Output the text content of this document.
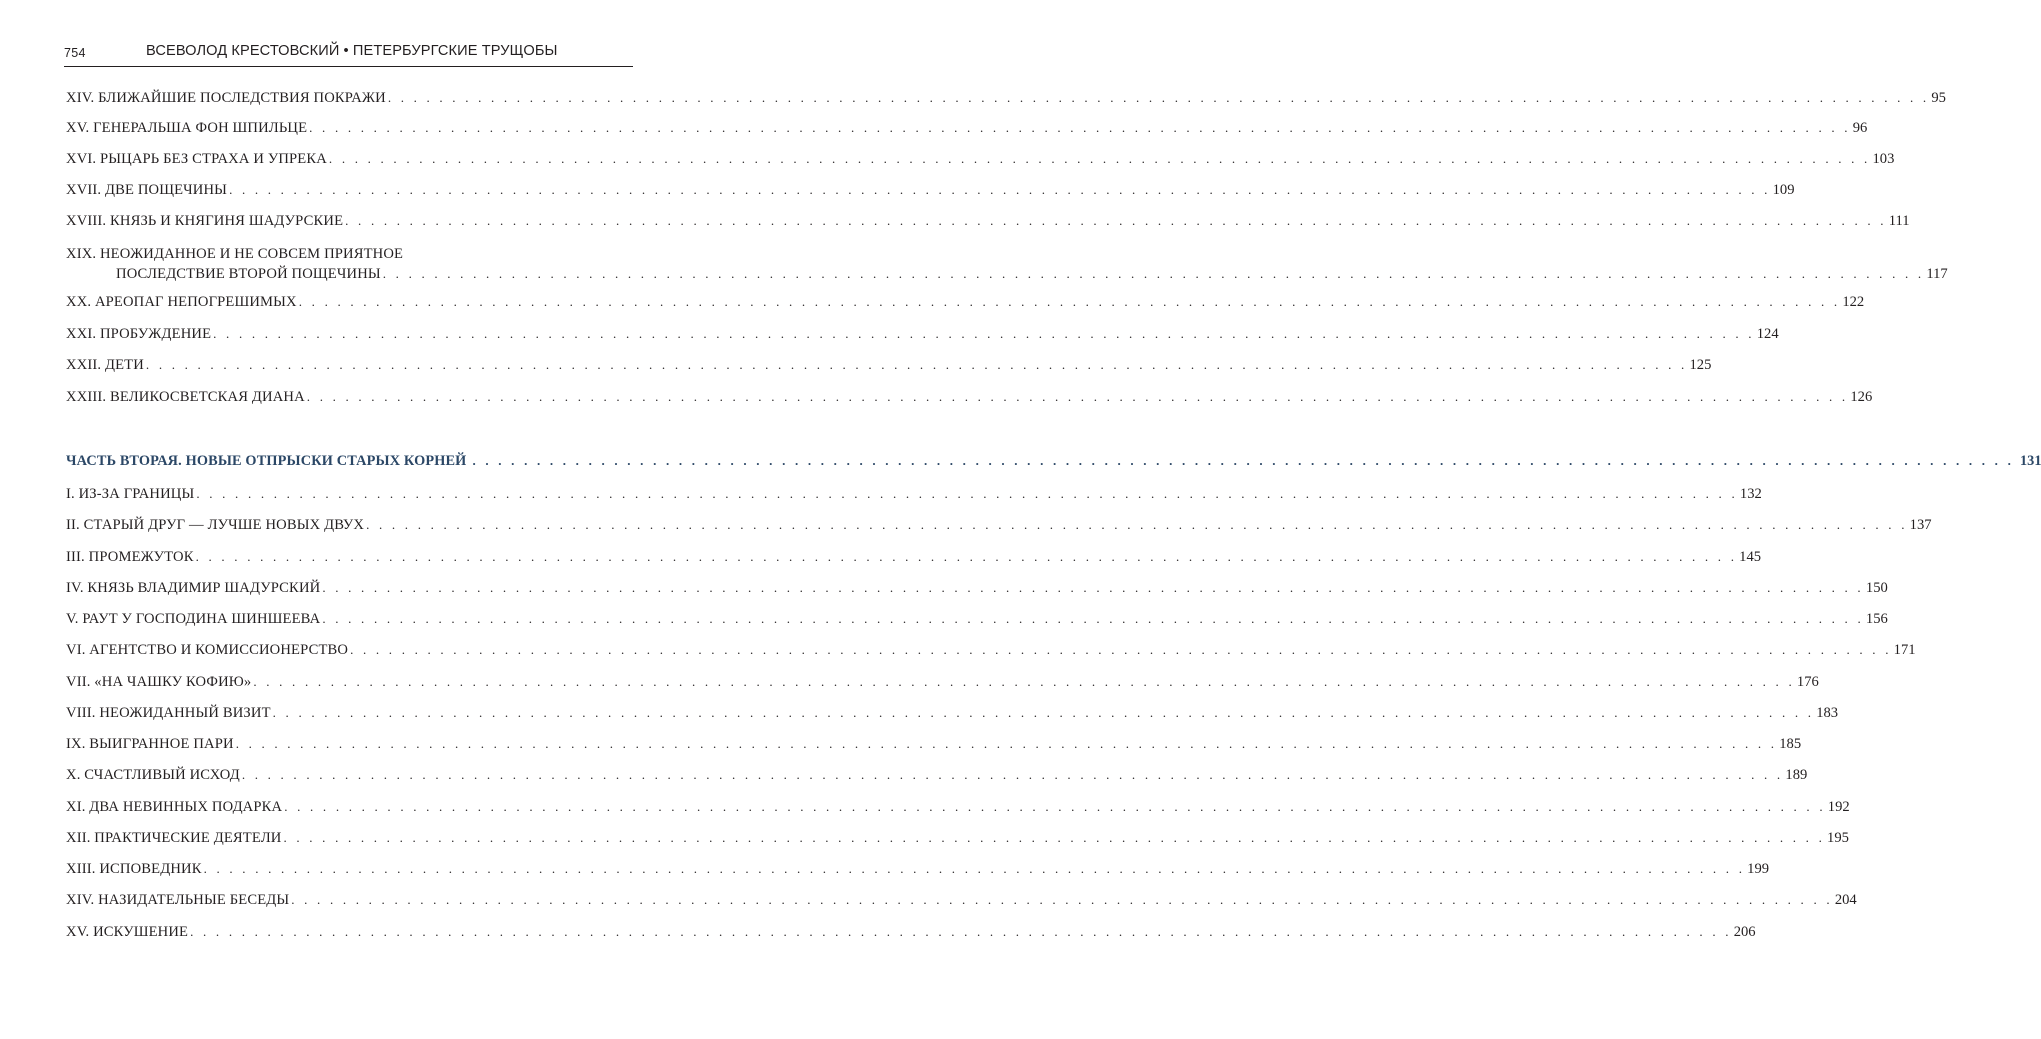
754	ВСЕВОЛОД КРЕСТОВСКИЙ • ПЕТЕРБУРГСКИЕ ТРУЩОБЫ
XIV. БЛИЖАЙШИЕ ПОСЛЕДСТВИЯ ПОКРАЖИ . . . . . . . . . . . . . . . . . . . . . . . . . . . . . . . . . . . . . . . . . . . . . . . . . . . . . . . . . . . . . . . . . . . . . . . . . . . . . . . . . . . . . . . . . . . . . . . . . . . . . . . . . . . . . . . . . . . . . . . . 95
XV. ГЕНЕРАЛЬША ФОН ШПИЛЬЦЕ . . . . . . . . . . . . . . . . . . . . . . . . . . . . . . . . . . . . . . . . . . . . . . . . . . . . . . . . . . . . . . . . . . . . . . . . . . . . . . . . . . . . . . . . . . . . . . . . . . . . . . . . . . . . . . . . . . . . . . . . 96
XVI. РЫЦАРЬ БЕЗ СТРАХА И УПРЕКА . . . . . . . . . . . . . . . . . . . . . . . . . . . . . . . . . . . . . . . . . . . . . . . . . . . . . . . . . . . . . . . . . . . . . . . . . . . . . . . . . . . . . . . . . . . . . . . . . . . . . . . . . . . . . . . . . . . . . . . . 103
XVII. ДВЕ ПОЩЕЧИНЫ . . . . . . . . . . . . . . . . . . . . . . . . . . . . . . . . . . . . . . . . . . . . . . . . . . . . . . . . . . . . . . . . . . . . . . . . . . . . . . . . . . . . . . . . . . . . . . . . . . . . . . . . . . . . . . . . . . . . . . . . 109
XVIII. КНЯЗЬ И КНЯГИНЯ ШАДУРСКИЕ . . . . . . . . . . . . . . . . . . . . . . . . . . . . . . . . . . . . . . . . . . . . . . . . . . . . . . . . . . . . . . . . . . . . . . . . . . . . . . . . . . . . . . . . . . . . . . . . . . . . . . . . . . . . . . . . . . . . . . . . 111
XIX. НЕОЖИДАННОЕ И НЕ СОВСЕМ ПРИЯТНОЕ
ПОСЛЕДСТВИЕ ВТОРОЙ ПОЩЕЧИНЫ . . . . . . . . . . . . . . . . . . . . . . . . . . . . . . . . . . . . . . . . . . . . . . . . . . . . . . . . . . . . . . . . . . . . . . . . . . . . . . . . . . . . . . . . . . . . . . . . . . . . . . . . . . . . . . . . . . . . . . . . 117
XX. АРЕОПАГ НЕПОГРЕШИМЫХ . . . . . . . . . . . . . . . . . . . . . . . . . . . . . . . . . . . . . . . . . . . . . . . . . . . . . . . . . . . . . . . . . . . . . . . . . . . . . . . . . . . . . . . . . . . . . . . . . . . . . . . . . . . . . . . . . . . . . . . . 122
XXI. ПРОБУЖДЕНИЕ . . . . . . . . . . . . . . . . . . . . . . . . . . . . . . . . . . . . . . . . . . . . . . . . . . . . . . . . . . . . . . . . . . . . . . . . . . . . . . . . . . . . . . . . . . . . . . . . . . . . . . . . . . . . . . . . . . . . . . . . 124
XXII. ДЕТИ . . . . . . . . . . . . . . . . . . . . . . . . . . . . . . . . . . . . . . . . . . . . . . . . . . . . . . . . . . . . . . . . . . . . . . . . . . . . . . . . . . . . . . . . . . . . . . . . . . . . . . . . . . . . . . . . . . . . . . . . 125
XXIII. ВЕЛИКОСВЕТСКАЯ ДИАНА . . . . . . . . . . . . . . . . . . . . . . . . . . . . . . . . . . . . . . . . . . . . . . . . . . . . . . . . . . . . . . . . . . . . . . . . . . . . . . . . . . . . . . . . . . . . . . . . . . . . . . . . . . . . . . . . . . . . . . . . 126
ЧАСТЬ ВТОРАЯ. НОВЫЕ ОТПРЫСКИ СТАРЫХ КОРНЕЙ . . . . . . . . . . . . . . . . . . . . . . . . . . . . . . . . . . . . . . . . . . . . . . . . . . . . . . . . . . . . . . . . . . . . . . . . . . . . . . . . . . . . . . . . . . . . . . . . . . . . . . . . . . . . . . . . . . . . . . . . 131
I. ИЗ-ЗА ГРАНИЦЫ . . . . . . . . . . . . . . . . . . . . . . . . . . . . . . . . . . . . . . . . . . . . . . . . . . . . . . . . . . . . . . . . . . . . . . . . . . . . . . . . . . . . . . . . . . . . . . . . . . . . . . . . . . . . . . . . . . . . . . . . 132
II. СТАРЫЙ ДРУГ — ЛУЧШЕ НОВЫХ ДВУХ . . . . . . . . . . . . . . . . . . . . . . . . . . . . . . . . . . . . . . . . . . . . . . . . . . . . . . . . . . . . . . . . . . . . . . . . . . . . . . . . . . . . . . . . . . . . . . . . . . . . . . . . . . . . . . . . . . . . . . . . 137
III. ПРОМЕЖУТОК . . . . . . . . . . . . . . . . . . . . . . . . . . . . . . . . . . . . . . . . . . . . . . . . . . . . . . . . . . . . . . . . . . . . . . . . . . . . . . . . . . . . . . . . . . . . . . . . . . . . . . . . . . . . . . . . . . . . . . . . 145
IV. КНЯЗЬ ВЛАДИМИР ШАДУРСКИЙ . . . . . . . . . . . . . . . . . . . . . . . . . . . . . . . . . . . . . . . . . . . . . . . . . . . . . . . . . . . . . . . . . . . . . . . . . . . . . . . . . . . . . . . . . . . . . . . . . . . . . . . . . . . . . . . . . . . . . . . . 150
V. РАУТ У ГОСПОДИНА ШИНШЕЕВА . . . . . . . . . . . . . . . . . . . . . . . . . . . . . . . . . . . . . . . . . . . . . . . . . . . . . . . . . . . . . . . . . . . . . . . . . . . . . . . . . . . . . . . . . . . . . . . . . . . . . . . . . . . . . . . . . . . . . . . . 156
VI. АГЕНТСТВО И КОМИССИОНЕРСТВО . . . . . . . . . . . . . . . . . . . . . . . . . . . . . . . . . . . . . . . . . . . . . . . . . . . . . . . . . . . . . . . . . . . . . . . . . . . . . . . . . . . . . . . . . . . . . . . . . . . . . . . . . . . . . . . . . . . . . . . . 171
VII. «НА ЧАШКУ КОФИЮ» . . . . . . . . . . . . . . . . . . . . . . . . . . . . . . . . . . . . . . . . . . . . . . . . . . . . . . . . . . . . . . . . . . . . . . . . . . . . . . . . . . . . . . . . . . . . . . . . . . . . . . . . . . . . . . . . . . . . . . . . 176
VIII. НЕОЖИДАННЫЙ ВИЗИТ . . . . . . . . . . . . . . . . . . . . . . . . . . . . . . . . . . . . . . . . . . . . . . . . . . . . . . . . . . . . . . . . . . . . . . . . . . . . . . . . . . . . . . . . . . . . . . . . . . . . . . . . . . . . . . . . . . . . . . . . 183
IX. ВЫИГРАННОЕ ПАРИ . . . . . . . . . . . . . . . . . . . . . . . . . . . . . . . . . . . . . . . . . . . . . . . . . . . . . . . . . . . . . . . . . . . . . . . . . . . . . . . . . . . . . . . . . . . . . . . . . . . . . . . . . . . . . . . . . . . . . . . . 185
X. СЧАСТЛИВЫЙ ИСХОД . . . . . . . . . . . . . . . . . . . . . . . . . . . . . . . . . . . . . . . . . . . . . . . . . . . . . . . . . . . . . . . . . . . . . . . . . . . . . . . . . . . . . . . . . . . . . . . . . . . . . . . . . . . . . . . . . . . . . . . . 189
XI. ДВА НЕВИННЫХ ПОДАРКА . . . . . . . . . . . . . . . . . . . . . . . . . . . . . . . . . . . . . . . . . . . . . . . . . . . . . . . . . . . . . . . . . . . . . . . . . . . . . . . . . . . . . . . . . . . . . . . . . . . . . . . . . . . . . . . . . . . . . . . . 192
XII. ПРАКТИЧЕСКИЕ ДЕЯТЕЛИ . . . . . . . . . . . . . . . . . . . . . . . . . . . . . . . . . . . . . . . . . . . . . . . . . . . . . . . . . . . . . . . . . . . . . . . . . . . . . . . . . . . . . . . . . . . . . . . . . . . . . . . . . . . . . . . . . . . . . . . . 195
XIII. ИСПОВЕДНИК . . . . . . . . . . . . . . . . . . . . . . . . . . . . . . . . . . . . . . . . . . . . . . . . . . . . . . . . . . . . . . . . . . . . . . . . . . . . . . . . . . . . . . . . . . . . . . . . . . . . . . . . . . . . . . . . . . . . . . . . 199
XIV. НАЗИДАТЕЛЬНЫЕ БЕСЕДЫ . . . . . . . . . . . . . . . . . . . . . . . . . . . . . . . . . . . . . . . . . . . . . . . . . . . . . . . . . . . . . . . . . . . . . . . . . . . . . . . . . . . . . . . . . . . . . . . . . . . . . . . . . . . . . . . . . . . . . . . . 204
XV. ИСКУШЕНИЕ . . . . . . . . . . . . . . . . . . . . . . . . . . . . . . . . . . . . . . . . . . . . . . . . . . . . . . . . . . . . . . . . . . . . . . . . . . . . . . . . . . . . . . . . . . . . . . . . . . . . . . . . . . . . . . . . . . . . . . . . 206
